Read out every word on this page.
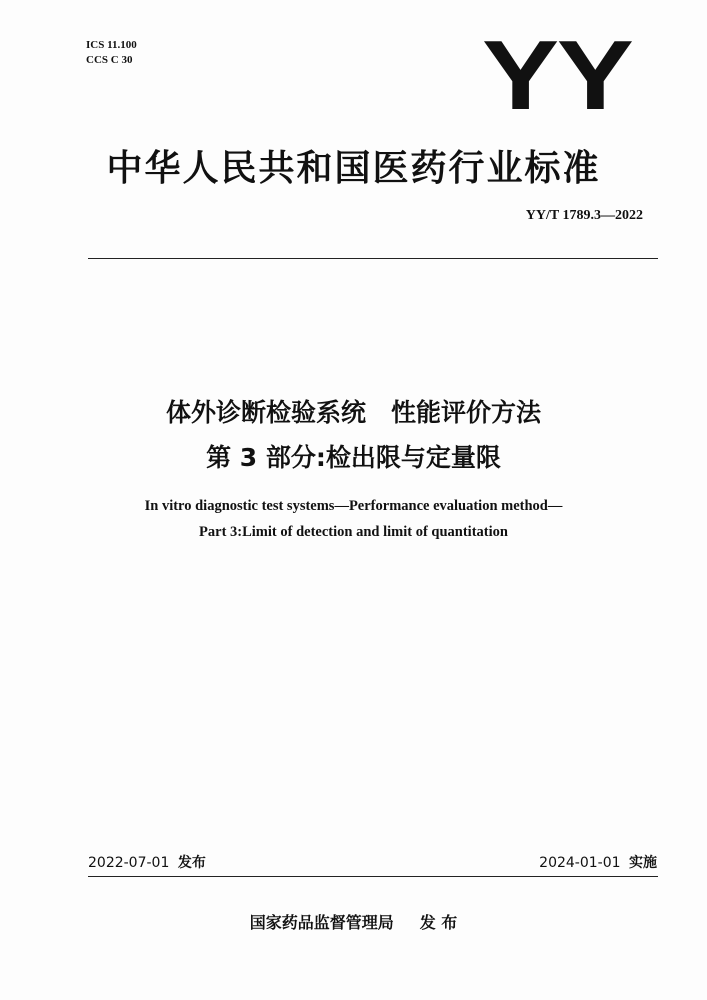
ICS 11.100
CCS C 30	YY
中华人民共和国医药行业标准
YY/T 1789.3—2022
体外诊断检验系统　性能评价方法
第 3 部分:检出限与定量限
In vitro diagnostic test systems—Performance evaluation method—
Part 3:Limit of detection and limit of quantitation
2022-07-01 发布	2024-01-01 实施
国家药品监督管理局 发 布
